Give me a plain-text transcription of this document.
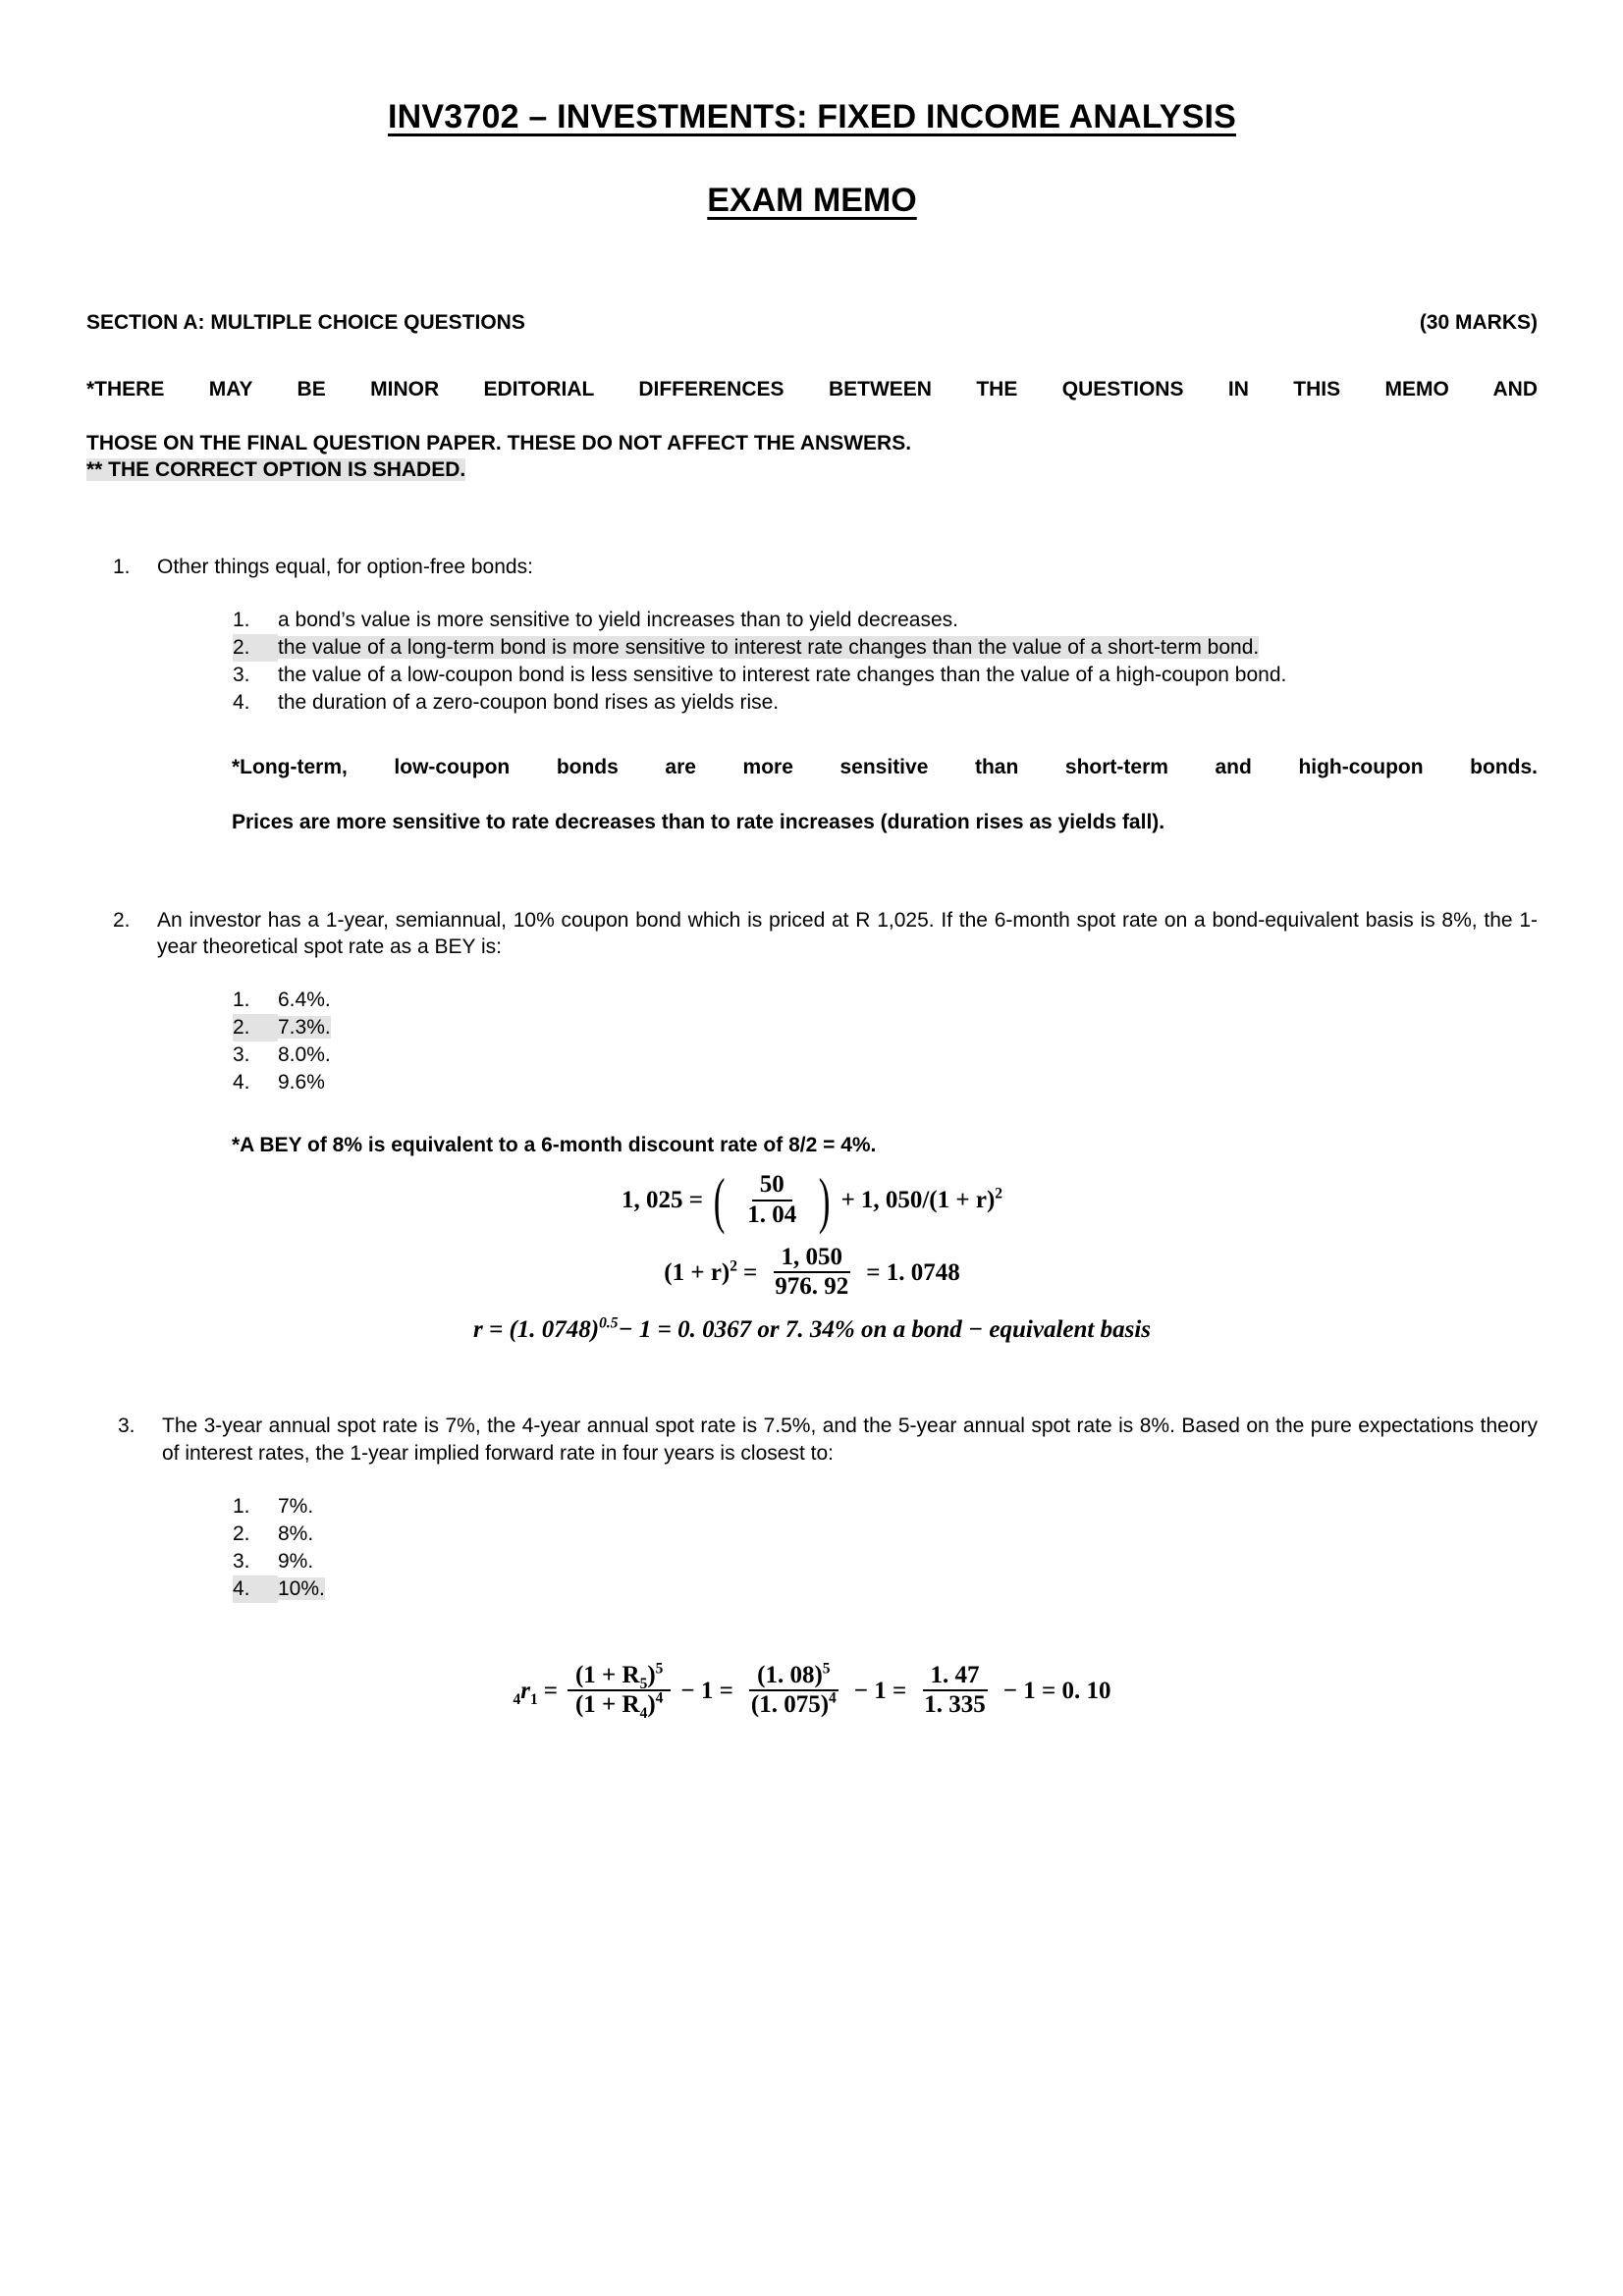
INV3702 – INVESTMENTS: FIXED INCOME ANALYSIS
EXAM MEMO
SECTION A: MULTIPLE CHOICE QUESTIONS	(30 MARKS)
*THERE MAY BE MINOR EDITORIAL DIFFERENCES BETWEEN THE QUESTIONS IN THIS MEMO AND
THOSE ON THE FINAL QUESTION PAPER. THESE DO NOT AFFECT THE ANSWERS.
** THE CORRECT OPTION IS SHADED.
1.	Other things equal, for option-free bonds:
1.	a bond’s value is more sensitive to yield increases than to yield decreases.
2.	the value of a long-term bond is more sensitive to interest rate changes than the value of a short-term bond.
3.	the value of a low-coupon bond is less sensitive to interest rate changes than the value of a high-coupon bond.
4.	the duration of a zero-coupon bond rises as yields rise.
*Long-term, low-coupon bonds are more sensitive than short-term and high-coupon bonds.
Prices are more sensitive to rate decreases than to rate increases (duration rises as yields fall).
2.	An investor has a 1-year, semiannual, 10% coupon bond which is priced at R 1,025. If the 6-month spot rate on a bond-equivalent basis is 8%, the 1-year theoretical spot rate as a BEY is:
1.	6.4%.
2.	7.3%.
3.	8.0%.
4.	9.6%
*A BEY of 8% is equivalent to a 6-month discount rate of 8/2 = 4%.
1, 025 = ( $\frac{50}{1. 04}$ ) + 1, $050/(1 + r)^2$
$(1 + r)^2 = \frac{1, 050}{976. 92} = 1$. 0748
r = (1. 0748)$^{0.5}$− 1 = 0. 0367 or 7. 34% on a bond − equivalent basis
3.	The 3-year annual spot rate is 7%, the 4-year annual spot rate is 7.5%, and the 5-year annual spot rate is 8%. Based on the pure expectations theory of interest rates, the 1-year implied forward rate in four years is closest to:
1.	7%.
2.	8%.
3.	9%.
4.	10%.
$_4r_1 = \frac{(1 + R_5)^5}{(1 + R_4)^4} - 1 = \frac{(1. 08)^5}{(1. 075)^4} - 1 = \frac{1. 47}{1. 335} - 1 = 0$. 10
